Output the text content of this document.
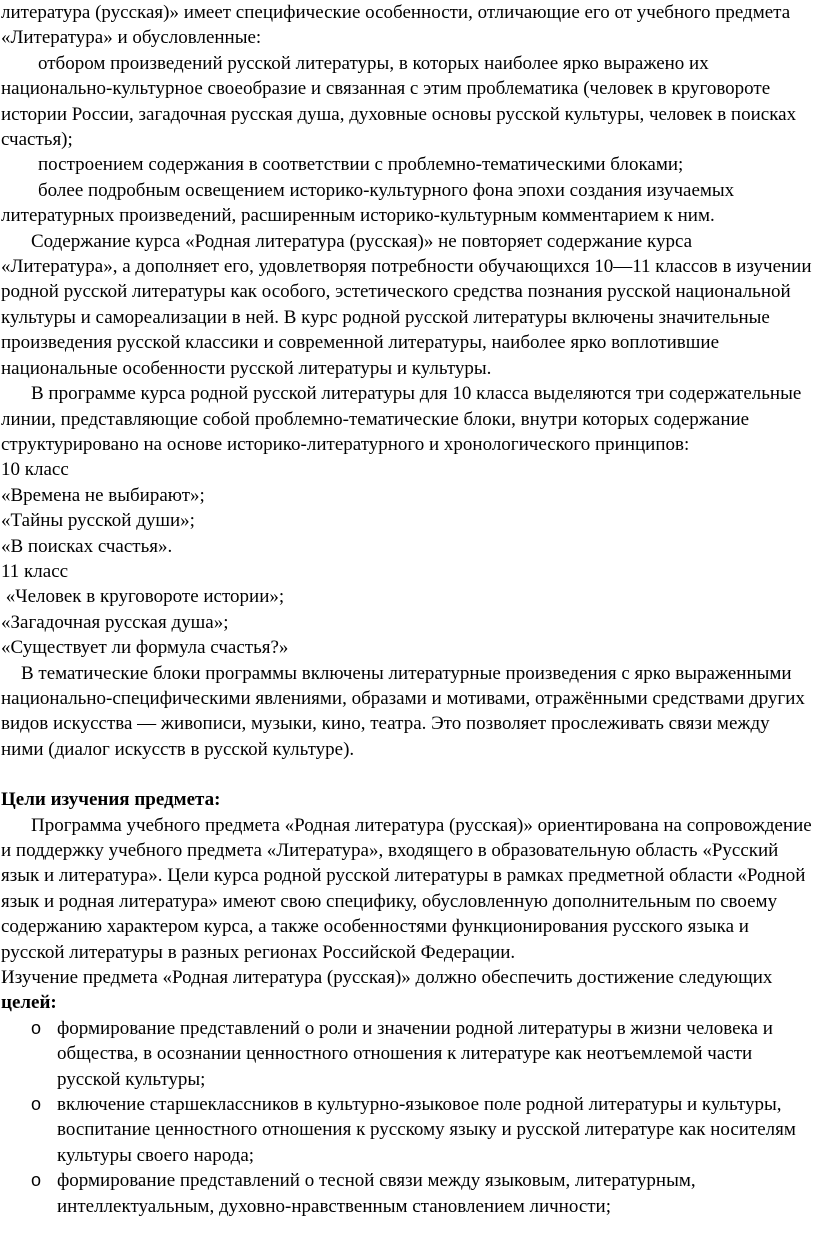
литература (русская)» имеет специфические особенности, отличающие его от учебного предмета «Литература» и обусловленные:

отбором произведений русской литературы, в которых наиболее ярко выражено их национально-культурное своеобразие и связанная с этим проблематика (человек в круговороте истории России, загадочная русская душа, духовные основы русской культуры, человек в поисках счастья);

построением содержания в соответствии с проблемно-тематическими блоками;

более подробным освещением историко-культурного фона эпохи создания изучаемых литературных произведений, расширенным историко-культурным комментарием к ним.

Содержание курса «Родная литература (русская)» не повторяет содержание курса «Литература», а дополняет его, удовлетворяя потребности обучающихся 10—11 классов в изучении родной русской литературы как особого, эстетического средства познания русской национальной культуры и самореализации в ней. В курс родной русской литературы включены значительные произведения русской классики и современной литературы, наиболее ярко воплотившие национальные особенности русской литературы и культуры.

В программе курса родной русской литературы для 10 класса выделяются три содержательные линии, представляющие собой проблемно-тематические блоки, внутри которых содержание структурировано на основе историко-литературного и хронологического принципов:

10 класс

«Времена не выбирают»;

«Тайны русской души»;

«В поисках счастья».

11 класс

«Человек в круговороте истории»;

«Загадочная русская душа»;

«Существует ли формула счастья?»

В тематические блоки программы включены литературные произведения с ярко выраженными национально-специфическими явлениями, образами и мотивами, отражёнными средствами других видов искусства — живописи, музыки, кино, театра. Это позволяет прослеживать связи между ними (диалог искусств в русской культуре).

Цели изучения предмета:

Программа учебного предмета «Родная литература (русская)» ориентирована на сопровождение и поддержку учебного предмета «Литература», входящего в образовательную область «Русский язык и литература». Цели курса родной русской литературы в рамках предметной области «Родной язык и родная литература» имеют свою специфику, обусловленную дополнительным по своему содержанию характером курса, а также особенностями функционирования русского языка и русской литературы в разных регионах Российской Федерации.

Изучение предмета «Родная литература (русская)» должно обеспечить достижение следующих целей:

o формирование представлений о роли и значении родной литературы в жизни человека и общества, в осознании ценностного отношения к литературе как неотъемлемой части русской культуры;
o включение старшеклассников в культурно-языковое поле родной литературы и культуры, воспитание ценностного отношения к русскому языку и русской литературе как носителям культуры своего народа;
o формирование представлений о тесной связи между языковым, литературным, интеллектуальным, духовно-нравственным становлением личности;
